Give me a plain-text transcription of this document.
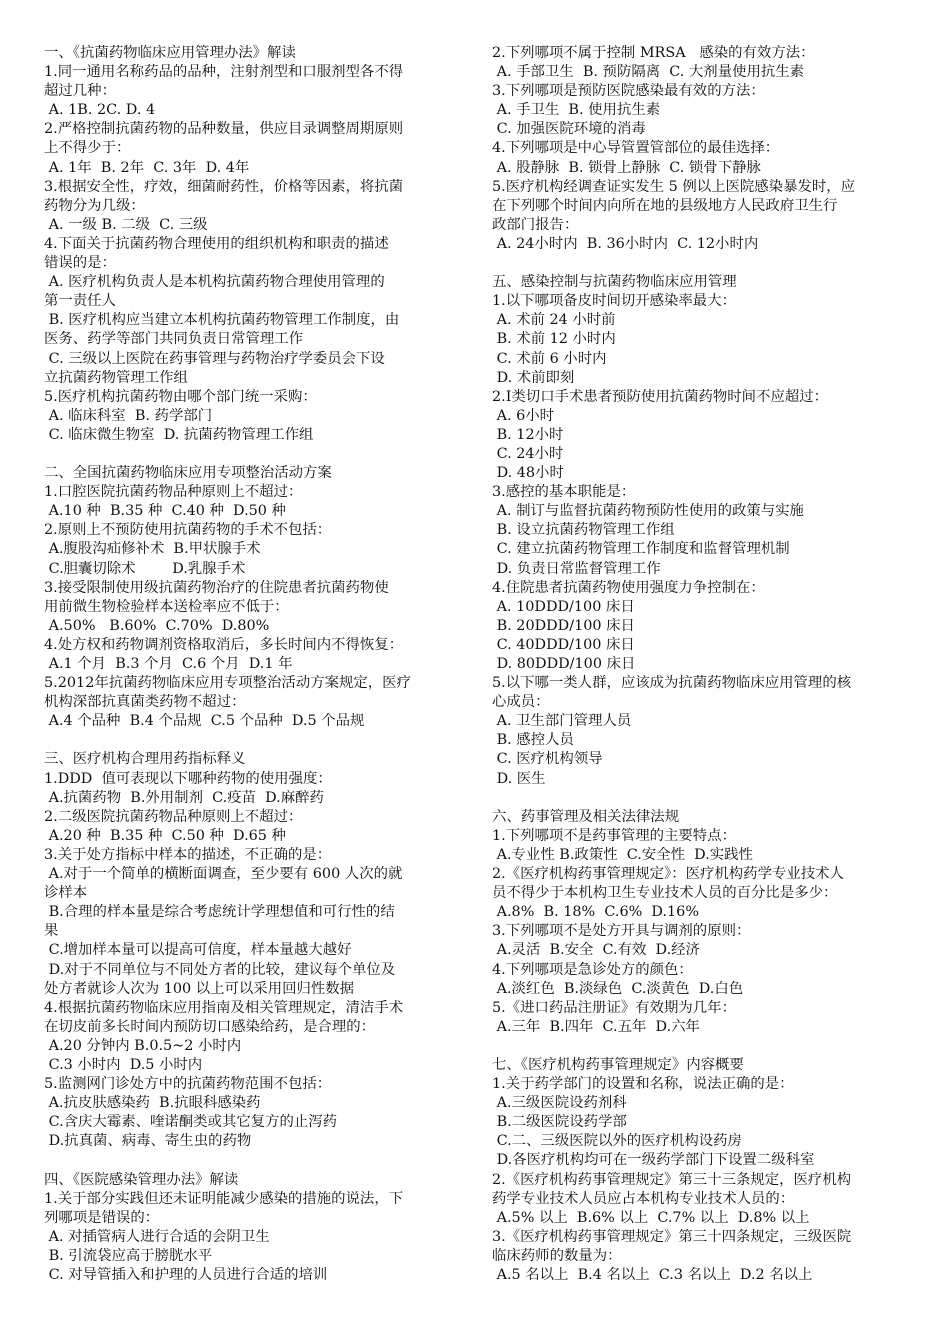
一、《抗菌药物临床应用管理办法》解读
1.同一通用名称药品的品种，注射剂型和口服剂型各不得
超过几种：
A. 1B. 2C. D. 4
2.严格控制抗菌药物的品种数量，供应目录调整周期原则
上不得少于：
A. 1年  B. 2年  C. 3年  D. 4年
3.根据安全性，疗效，细菌耐药性，价格等因素，将抗菌
药物分为几级：
A. 一级 B. 二级  C. 三级
4.下面关于抗菌药物合理使用的组织机构和职责的描述
错误的是：
A. 医疗机构负责人是本机构抗菌药物合理使用管理的
第一责任人
B. 医疗机构应当建立本机构抗菌药物管理工作制度，由
医务、药学等部门共同负责日常管理工作
C. 三级以上医院在药事管理与药物治疗学委员会下设
立抗菌药物管理工作组
5.医疗机构抗菌药物由哪个部门统一采购：
A. 临床科室  B. 药学部门
C. 临床微生物室  D. 抗菌药物管理工作组
二、全国抗菌药物临床应用专项整治活动方案
1.口腔医院抗菌药物品种原则上不超过：
A.10 种  B.35 种  C.40 种  D.50 种
2.原则上不预防使用抗菌药物的手术不包括：
A.腹股沟疝修补术  B.甲状腺手术
C.胆囊切除术        D.乳腺手术
3.接受限制使用级抗菌药物治疗的住院患者抗菌药物使
用前微生物检验样本送检率应不低于：
A.50%   B.60%  C.70%  D.80%
4.处方权和药物调剂资格取消后，多长时间内不得恢复：
A.1 个月  B.3 个月  C.6 个月  D.1 年
5.2012年抗菌药物临床应用专项整治活动方案规定，医疗
机构深部抗真菌类药物不超过：
A.4 个品种  B.4 个品规  C.5 个品种  D.5 个品规
三、医疗机构合理用药指标释义
1.DDD  值可表现以下哪种药物的使用强度：
A.抗菌药物  B.外用制剂  C.疫苗  D.麻醉药
2.二级医院抗菌药物品种原则上不超过：
A.20 种  B.35 种  C.50 种  D.65 种
3.关于处方指标中样本的描述，不正确的是：
A.对于一个简单的横断面调查，至少要有 600 人次的就
诊样本
B.合理的样本量是综合考虑统计学理想值和可行性的结
果
C.增加样本量可以提高可信度，样本量越大越好
D.对于不同单位与不同处方者的比较，建议每个单位及
处方者就诊人次为 100 以上可以采用回归性数据
4.根据抗菌药物临床应用指南及相关管理规定，清洁手术
在切皮前多长时间内预防切口感染给药，是合理的：
A.20 分钟内 B.0.5~2 小时内
C.3 小时内  D.5 小时内
5.监测网门诊处方中的抗菌药物范围不包括：
A.抗皮肤感染药  B.抗眼科感染药
C.含庆大霉素、喹诺酮类或其它复方的止泻药
D.抗真菌、病毒、寄生虫的药物
四、《医院感染管理办法》解读
1.关于部分实践但还未证明能减少感染的措施的说法，下
列哪项是错误的：
A. 对插管病人进行合适的会阴卫生
B. 引流袋应高于膀胱水平
C. 对导管插入和护理的人员进行合适的培训
2.下列哪项不属于控制 MRSA   感染的有效方法：
A. 手部卫生  B. 预防隔离  C. 大剂量使用抗生素
3.下列哪项是预防医院感染最有效的方法：
A. 手卫生  B. 使用抗生素
C. 加强医院环境的消毒
4.下列哪项是中心导管置管部位的最佳选择：
A. 股静脉  B. 锁骨上静脉  C. 锁骨下静脉
5.医疗机构经调查证实发生 5 例以上医院感染暴发时，应
在下列哪个时间内向所在地的县级地方人民政府卫生行
政部门报告：
A. 24小时内  B. 36小时内  C. 12小时内
五、感染控制与抗菌药物临床应用管理
1.以下哪项备皮时间切开感染率最大：
A. 术前 24 小时前
B. 术前 12 小时内
C. 术前 6 小时内
D. 术前即刻
2.Ⅰ类切口手术患者预防使用抗菌药物时间不应超过：
A. 6小时
B. 12小时
C. 24小时
D. 48小时
3.感控的基本职能是：
A. 制订与监督抗菌药物预防性使用的政策与实施
B. 设立抗菌药物管理工作组
C. 建立抗菌药物管理工作制度和监督管理机制
D. 负责日常监督管理工作
4.住院患者抗菌药物使用强度力争控制在：
A. 10DDD/100 床日
B. 20DDD/100 床日
C. 40DDD/100 床日
D. 80DDD/100 床日
5.以下哪一类人群，应该成为抗菌药物临床应用管理的核
心成员：
A. 卫生部门管理人员
B. 感控人员
C. 医疗机构领导
D. 医生
六、药事管理及相关法律法规
1.下列哪项不是药事管理的主要特点：
A.专业性 B.政策性  C.安全性  D.实践性
2.《医疗机构药事管理规定》：医疗机构药学专业技术人
员不得少于本机构卫生专业技术人员的百分比是多少：
A.8%  B. 18%  C.6%  D.16%
3.下列哪项不是处方开具与调剂的原则：
A.灵活  B.安全  C.有效  D.经济
4.下列哪项是急诊处方的颜色：
A.淡红色  B.淡绿色  C.淡黄色  D.白色
5.《进口药品注册证》有效期为几年：
A.三年  B.四年  C.五年  D.六年
七、《医疗机构药事管理规定》内容概要
1.关于药学部门的设置和名称，说法正确的是：
A.三级医院设药剂科
B.二级医院设药学部
C.二、三级医院以外的医疗机构设药房
D.各医疗机构均可在一级药学部门下设置二级科室
2.《医疗机构药事管理规定》第三十三条规定，医疗机构
药学专业技术人员应占本机构专业技术人员的：
A.5% 以上  B.6% 以上  C.7% 以上  D.8% 以上
3.《医疗机构药事管理规定》第三十四条规定，三级医院
临床药师的数量为：
A.5 名以上  B.4 名以上  C.3 名以上  D.2 名以上
